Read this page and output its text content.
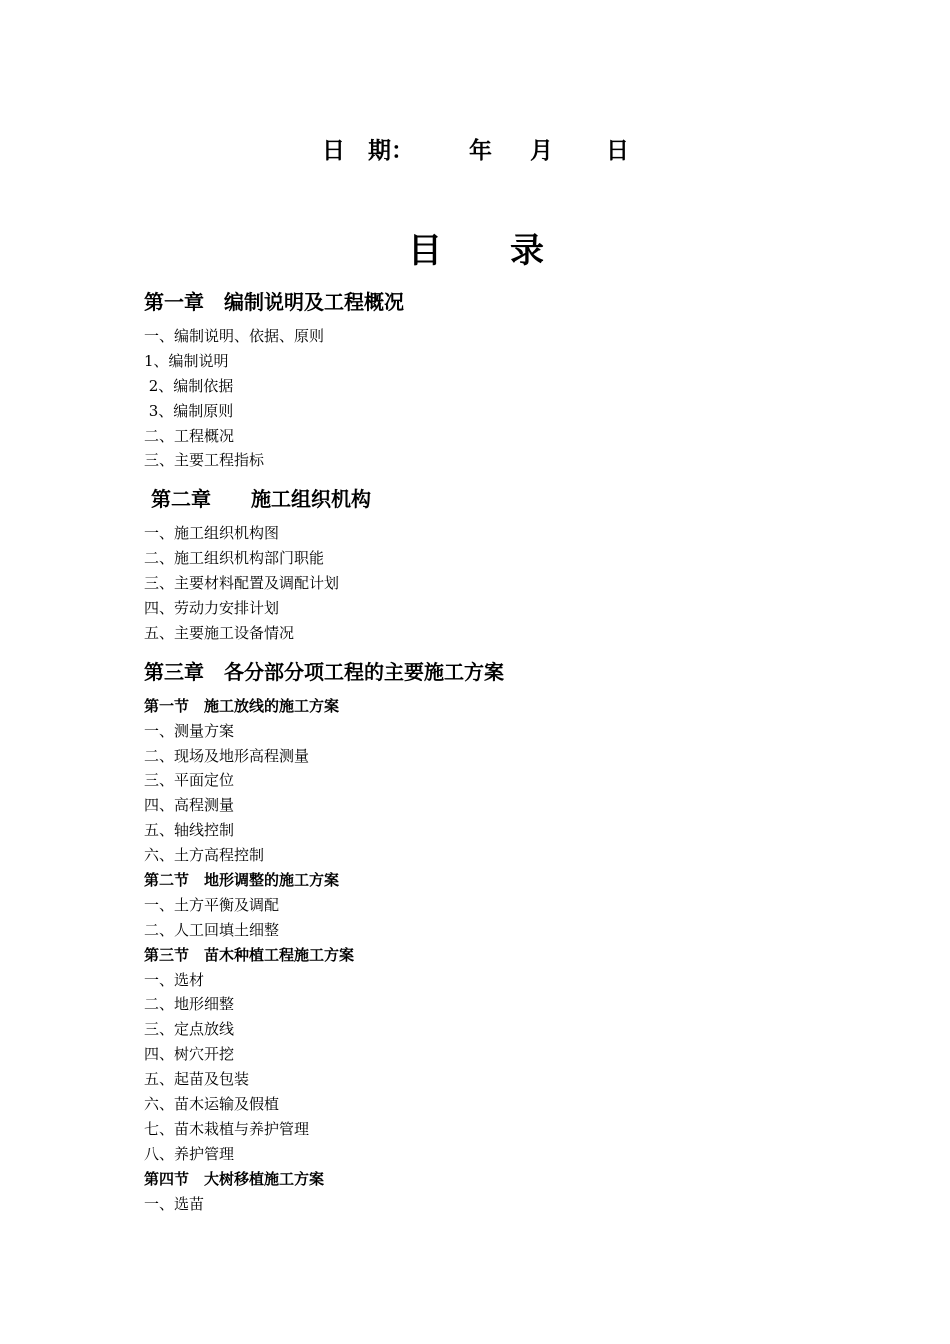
日　期： 年 月 日
目 录
第一章　编制说明及工程概况
一、编制说明、依据、原则
1、编制说明
2、编制依据
3、编制原则
二、工程概况
三、主要工程指标
第二章　　施工组织机构
一、施工组织机构图
二、施工组织机构部门职能
三、主要材料配置及调配计划
四、劳动力安排计划
五、主要施工设备情况
第三章　各分部分项工程的主要施工方案
第一节　施工放线的施工方案
一、测量方案
二、现场及地形高程测量
三、平面定位
四、高程测量
五、轴线控制
六、土方高程控制
第二节　地形调整的施工方案
一、土方平衡及调配
二、人工回填土细整
第三节　苗木种植工程施工方案
一、选材
二、地形细整
三、定点放线
四、树穴开挖
五、起苗及包装
六、苗木运输及假植
七、苗木栽植与养护管理
八、养护管理
第四节　大树移植施工方案
一、选苗
